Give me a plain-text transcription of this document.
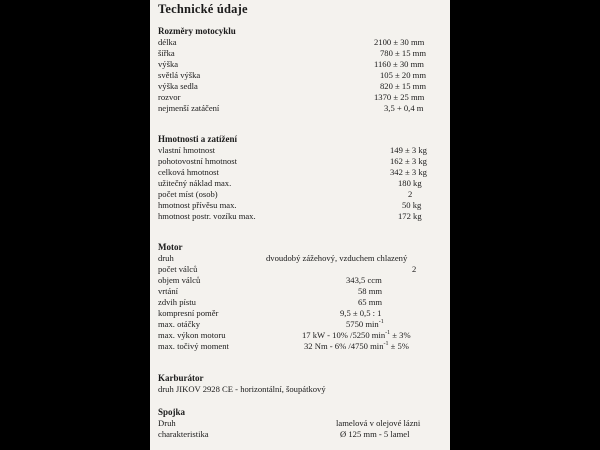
Technické údaje
Rozměry motocyklu
délka	2100 ± 30 mm
šířka	780 ± 15 mm
výška	1160 ± 30 mm
světlá výška	105 ± 20 mm
výška sedla	820 ± 15 mm
rozvor	1370 ± 25 mm
nejmenší zatáčení	3,5 + 0,4 m
Hmotnosti a zatížení
vlastní hmotnost	149 ± 3 kg
pohotovostní hmotnost	162 ± 3 kg
celková hmotnost	342 ± 3 kg
užitečný náklad max.	180 kg
počet míst (osob)	2
hmotnost přívěsu max.	50 kg
hmotnost postr. vozíku max.	172 kg
Motor
druh	dvoudobý zážehový, vzduchem chlazený
počet válců	2
objem válců	343,5 ccm
vrtání	58 mm
zdvih pístu	65 mm
kompresní poměr	9,5 ± 0,5 : 1
max. otáčky	5750 $\min^{-1}$
max. výkon motoru	17 kW - 10% /5250 $\min^{-1} \pm 3\%$
max. točivý moment	32 Nm - 6% /4750 $\min^{-1} \pm 5\%$
Karburátor
druh JIKOV 2928 CE - horizontální, šoupátkový
Spojka
Druh	lamelová v olejové lázni
charakteristika	Ø 125 mm - 5 lamel
